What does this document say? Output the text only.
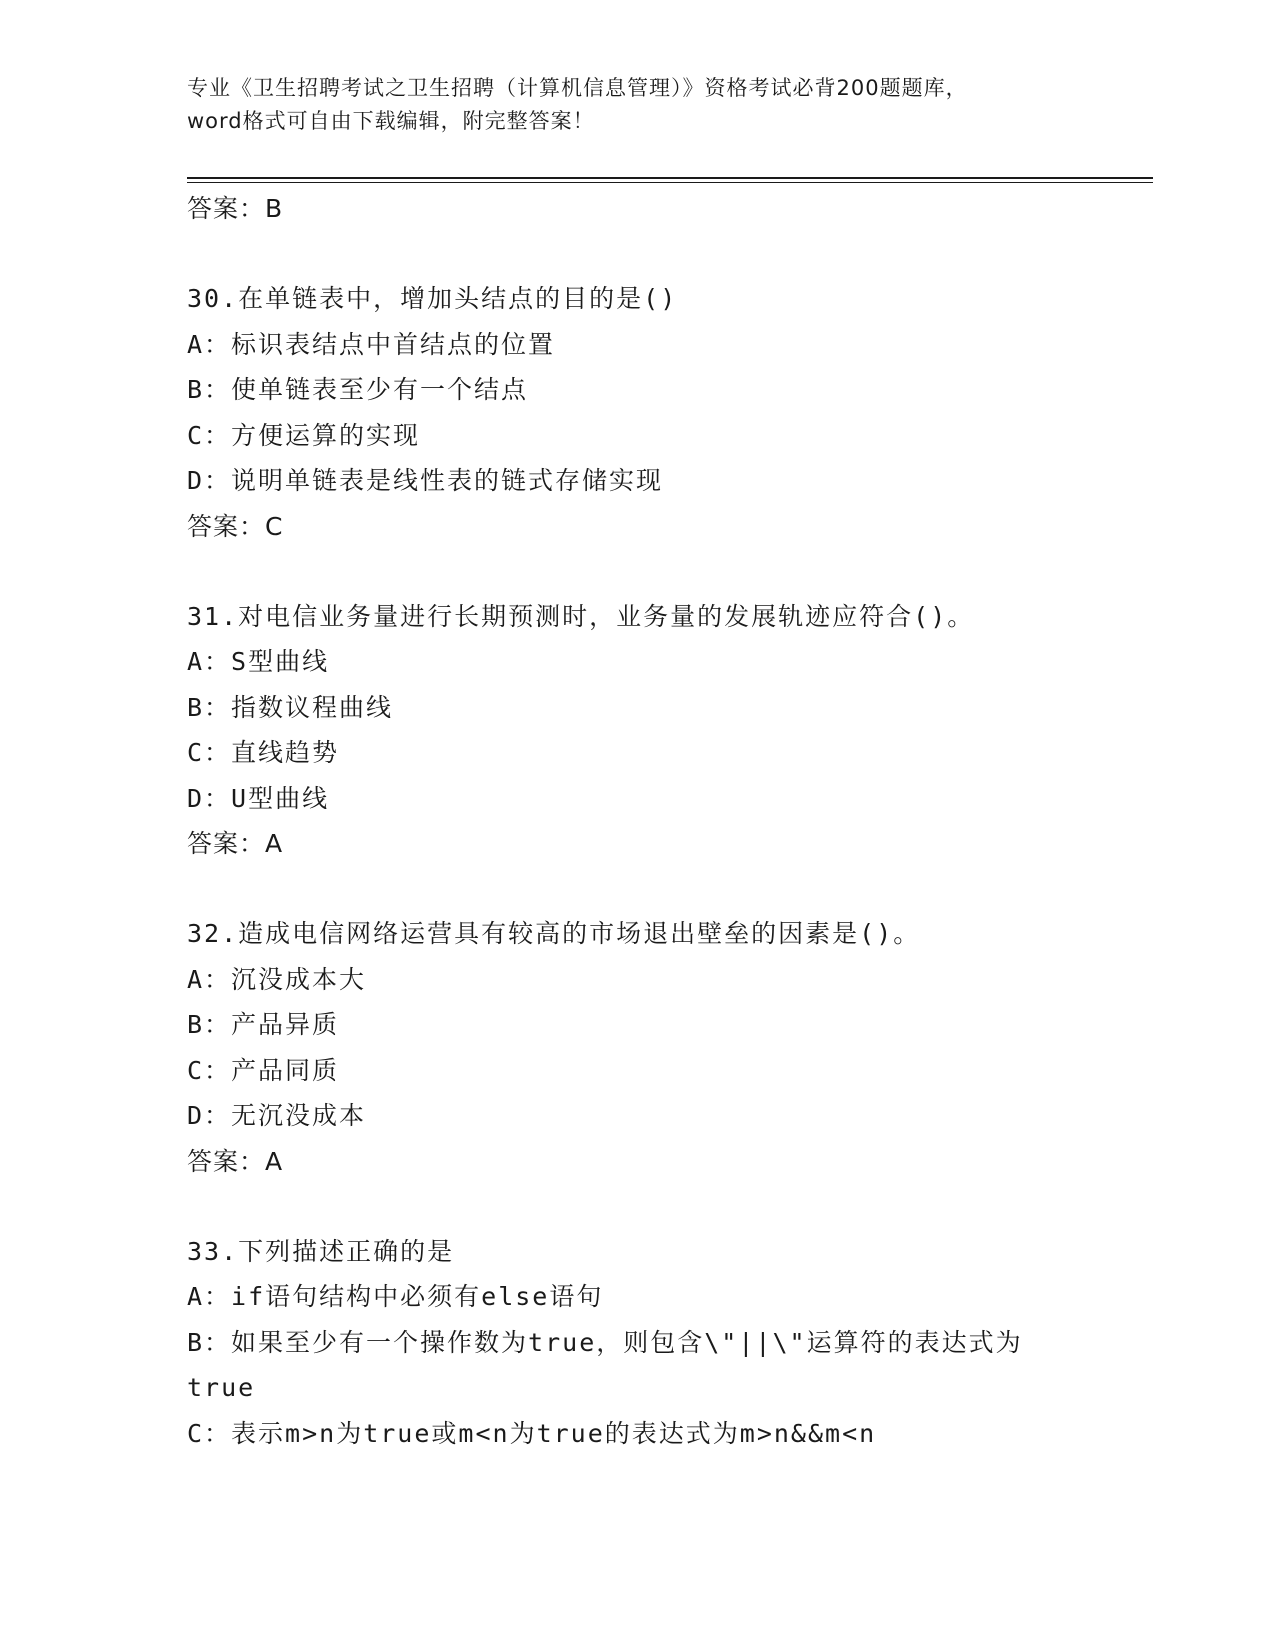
专业《卫生招聘考试之卫生招聘（计算机信息管理）》资格考试必背200题题库，
word格式可自由下载编辑，附完整答案！
答案：B
30.在单链表中，增加头结点的目的是()
A：标识表结点中首结点的位置
B：使单链表至少有一个结点
C：方便运算的实现
D：说明单链表是线性表的链式存储实现
答案：C
31.对电信业务量进行长期预测时，业务量的发展轨迹应符合()。
A：S型曲线
B：指数议程曲线
C：直线趋势
D：U型曲线
答案：A
32.造成电信网络运营具有较高的市场退出壁垒的因素是()。
A：沉没成本大
B：产品异质
C：产品同质
D：无沉没成本
答案：A
33.下列描述正确的是
A：if语句结构中必须有else语句
B：如果至少有一个操作数为true，则包含\"||\"运算符的表达式为
true
C：表示m>n为true或m<n为true的表达式为m>n&&m<n
